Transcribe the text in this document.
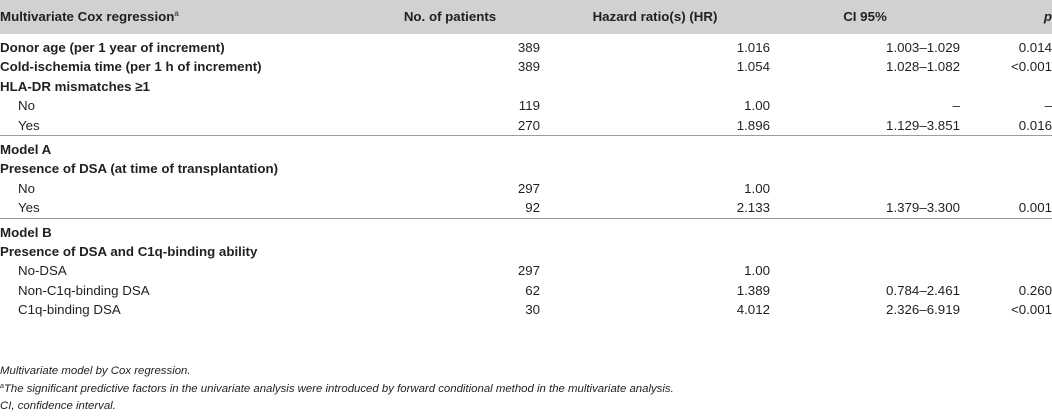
Multivariate Cox regression$^a$	No. of patients	Hazard ratio(s) (HR)	CI 95%	p
Donor age (per 1 year of increment)	389	1.016	1.003–1.029	0.014
Cold-ischemia time (per 1 h of increment)	389	1.054	1.028–1.082	<0.001
HLA-DR mismatches ≥1				
No	119	1.00	–	–
Yes	270	1.896	1.129–3.851	0.016
Model A				
Presence of DSA (at time of transplantation)				
No	297	1.00		
Yes	92	2.133	1.379–3.300	0.001
Model B				
Presence of DSA and C1q-binding ability				
No-DSA	297	1.00		
Non-C1q-binding DSA	62	1.389	0.784–2.461	0.260
C1q-binding DSA	30	4.012	2.326–6.919	<0.001
Multivariate model by Cox regression.
$^a$The significant predictive factors in the univariate analysis were introduced by forward conditional method in the multivariate analysis.
CI, confidence interval.
